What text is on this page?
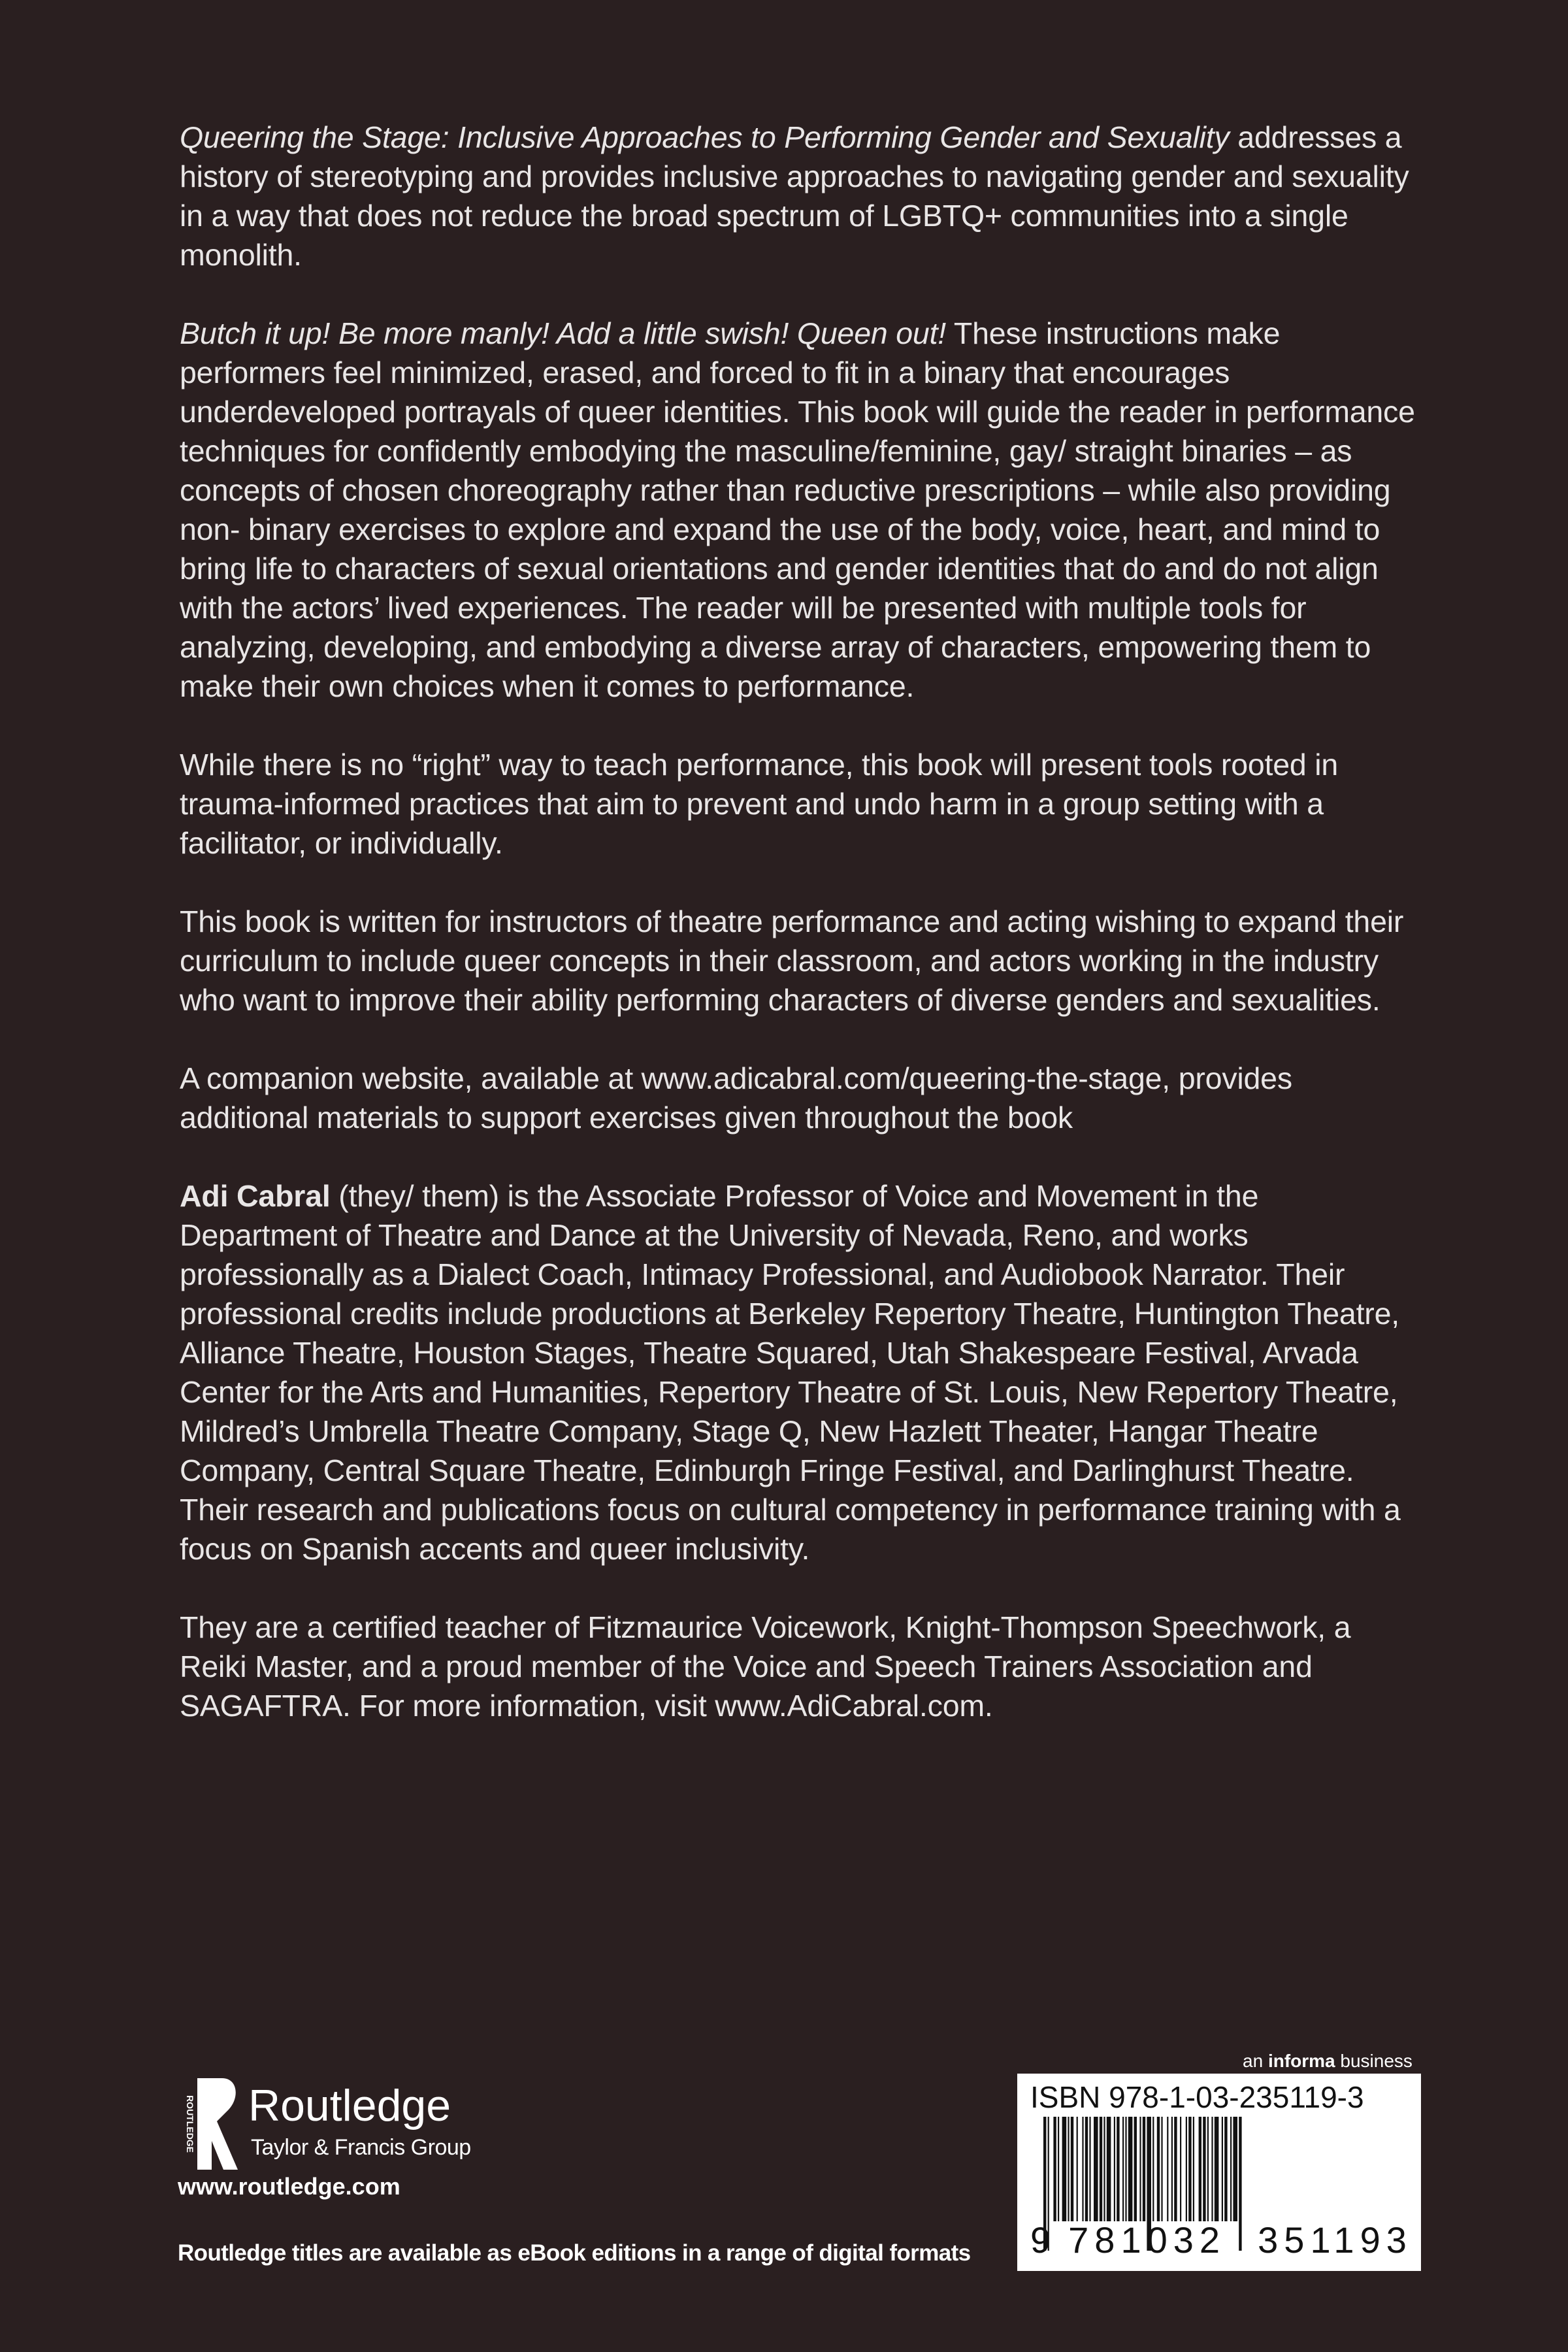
Queering the Stage: Inclusive Approaches to Performing Gender and Sexuality addresses a history of stereotyping and provides inclusive approaches to navigating gender and sexuality in a way that does not reduce the broad spectrum of LGBTQ+ communities into a single monolith.

Butch it up! Be more manly! Add a little swish! Queen out! These instructions make performers feel minimized, erased, and forced to fit in a binary that encourages underdeveloped portrayals of queer identities. This book will guide the reader in performance techniques for confidently embodying the masculine/feminine, gay/ straight binaries – as concepts of chosen choreography rather than reductive prescriptions – while also providing non- binary exercises to explore and expand the use of the body, voice, heart, and mind to bring life to characters of sexual orientations and gender identities that do and do not align with the actors’ lived experiences. The reader will be presented with multiple tools for analyzing, developing, and embodying a diverse array of characters, empowering them to make their own choices when it comes to performance.

While there is no “right” way to teach performance, this book will present tools rooted in trauma-informed practices that aim to prevent and undo harm in a group setting with a facilitator, or individually.

This book is written for instructors of theatre performance and acting wishing to expand their curriculum to include queer concepts in their classroom, and actors working in the industry who want to improve their ability performing characters of diverse genders and sexualities.

A companion website, available at www.adicabral.com/queering-the-stage, provides additional materials to support exercises given throughout the book

Adi Cabral (they/ them) is the Associate Professor of Voice and Movement in the Department of Theatre and Dance at the University of Nevada, Reno, and works professionally as a Dialect Coach, Intimacy Professional, and Audiobook Narrator. Their professional credits include productions at Berkeley Repertory Theatre, Huntington Theatre, Alliance Theatre, Houston Stages, Theatre Squared, Utah Shakespeare Festival, Arvada Center for the Arts and Humanities, Repertory Theatre of St. Louis, New Repertory Theatre, Mildred’s Umbrella Theatre Company, Stage Q, New Hazlett Theater, Hangar Theatre Company, Central Square Theatre, Edinburgh Fringe Festival, and Darlinghurst Theatre. Their research and publications focus on cultural competency in performance training with a focus on Spanish accents and queer inclusivity.

They are a certified teacher of Fitzmaurice Voicework, Knight-Thompson Speechwork, a Reiki Master, and a proud member of the Voice and Speech Trainers Association and SAGAFTRA. For more information, visit www.AdiCabral.com.

ROUTLEDGE Routledge
Taylor & Francis Group
www.routledge.com
Routledge titles are available as eBook editions in a range of digital formats
an informa business
ISBN 978-1-03-235119-3
9 781032 351193
